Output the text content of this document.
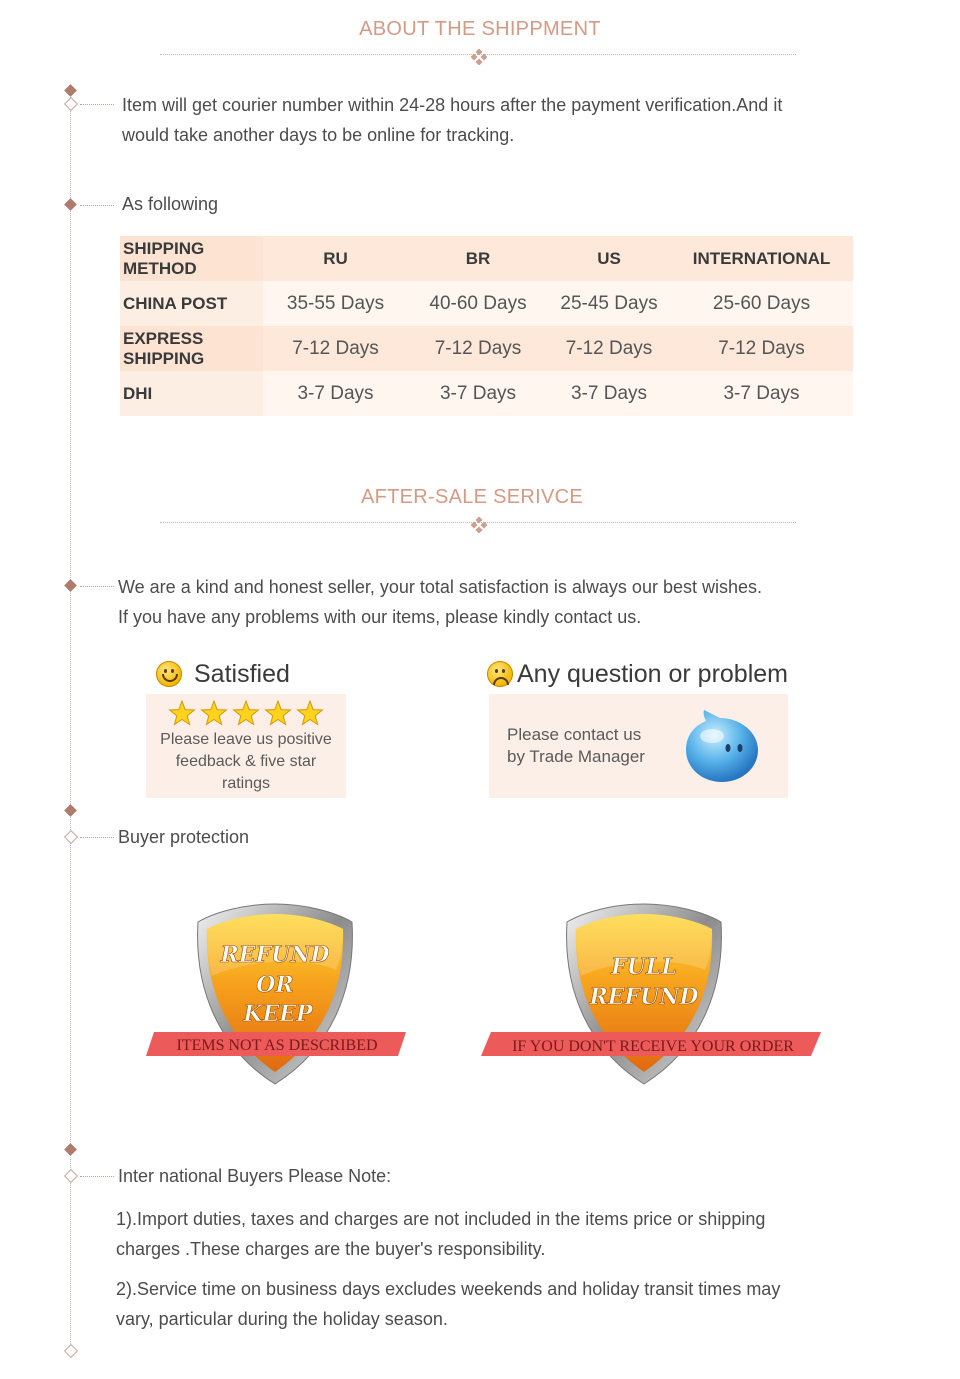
ABOUT THE SHIPPMENT
Item will get courier number within 24-28 hours after the payment verification.And it
would take another days to be online for tracking.
As following
SHIPPING METHOD	RU	BR	US	INTERNATIONAL
CHINA POST	35-55 Days	40-60 Days	25-45 Days	25-60 Days
EXPRESS SHIPPING	7-12 Days	7-12 Days	7-12 Days	7-12 Days
DHI	3-7 Days	3-7 Days	3-7 Days	3-7 Days
AFTER-SALE SERIVCE
We are a kind and honest seller, your total satisfaction is always our best wishes.
If you have any problems with our items, please kindly contact us.
Satisfied
Please leave us positive feedback & five star ratings
Any question or problem
Please contact us
by Trade Manager
Buyer protection
REFUND
OR
KEEP
ITEMS NOT AS DESCRIBED
FULL
REFUND
IF YOU DON'T RECEIVE YOUR ORDER
Inter national Buyers Please Note:
1).Import duties, taxes and charges are not included in the items price or shipping
charges .These charges are the buyer's responsibility.
2).Service time on business days excludes weekends and holiday transit times may
vary, particular during the holiday season.
